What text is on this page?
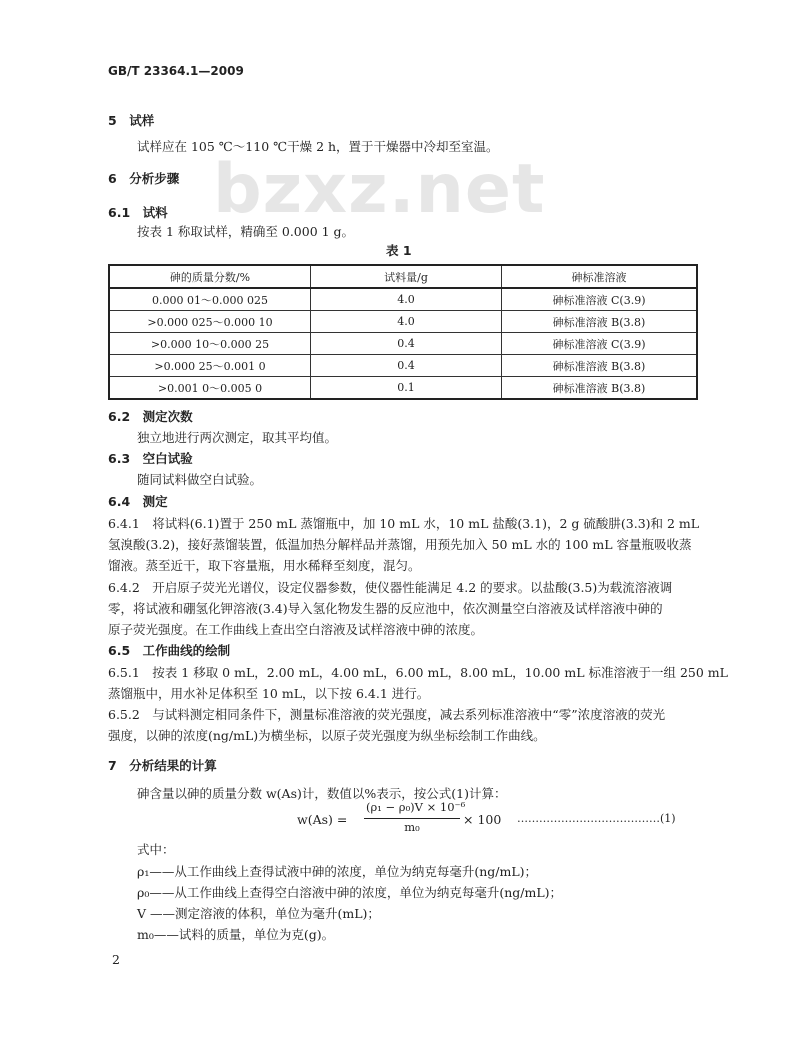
bzxz.net
GB/T 23364.1—2009
5　试样
试样应在 105 ℃～110 ℃干燥 2 h，置于干燥器中冷却至室温。
6　分析步骤
6.1　试料
按表 1 称取试样，精确至 0.000 1 g。
表 1
砷的质量分数/%	试料量/g	砷标准溶液
0.000 01～0.000 025	4.0	砷标准溶液 C(3.9)
>0.000 025～0.000 10	4.0	砷标准溶液 B(3.8)
>0.000 10～0.000 25	0.4	砷标准溶液 C(3.9)
>0.000 25～0.001 0	0.4	砷标准溶液 B(3.8)
>0.001 0～0.005 0	0.1	砷标准溶液 B(3.8)
6.2　测定次数
独立地进行两次测定，取其平均值。
6.3　空白试验
随同试料做空白试验。
6.4　测定
6.4.1　将试料(6.1)置于 250 mL 蒸馏瓶中，加 10 mL 水，10 mL 盐酸(3.1)，2 g 硫酸肼(3.3)和 2 mL
氢溴酸(3.2)，接好蒸馏装置，低温加热分解样品并蒸馏，用预先加入 50 mL 水的 100 mL 容量瓶吸收蒸
馏液。蒸至近干，取下容量瓶，用水稀释至刻度，混匀。
6.4.2　开启原子荧光光谱仪，设定仪器参数，使仪器性能满足 4.2 的要求。以盐酸(3.5)为载流溶液调
零，将试液和硼氢化钾溶液(3.4)导入氢化物发生器的反应池中，依次测量空白溶液及试样溶液中砷的
原子荧光强度。在工作曲线上查出空白溶液及试样溶液中砷的浓度。
6.5　工作曲线的绘制
6.5.1　按表 1 移取 0 mL，2.00 mL，4.00 mL，6.00 mL，8.00 mL，10.00 mL 标准溶液于一组 250 mL
蒸馏瓶中，用水补足体积至 10 mL，以下按 6.4.1 进行。
6.5.2　与试料测定相同条件下，测量标准溶液的荧光强度，减去系列标准溶液中“零”浓度溶液的荧光
强度，以砷的浓度(ng/mL)为横坐标，以原子荧光强度为纵坐标绘制工作曲线。
7　分析结果的计算
砷含量以砷的质量分数 w(As)计，数值以%表示，按公式(1)计算：
w(As) =
(ρ₁ − ρ₀)V × 10⁻⁶
m₀	× 100 …………………………………(1)
式中：
ρ₁——从工作曲线上查得试液中砷的浓度，单位为纳克每毫升(ng/mL)；
ρ₀——从工作曲线上查得空白溶液中砷的浓度，单位为纳克每毫升(ng/mL)；
V ——测定溶液的体积，单位为毫升(mL)；
m₀——试料的质量，单位为克(g)。
2
